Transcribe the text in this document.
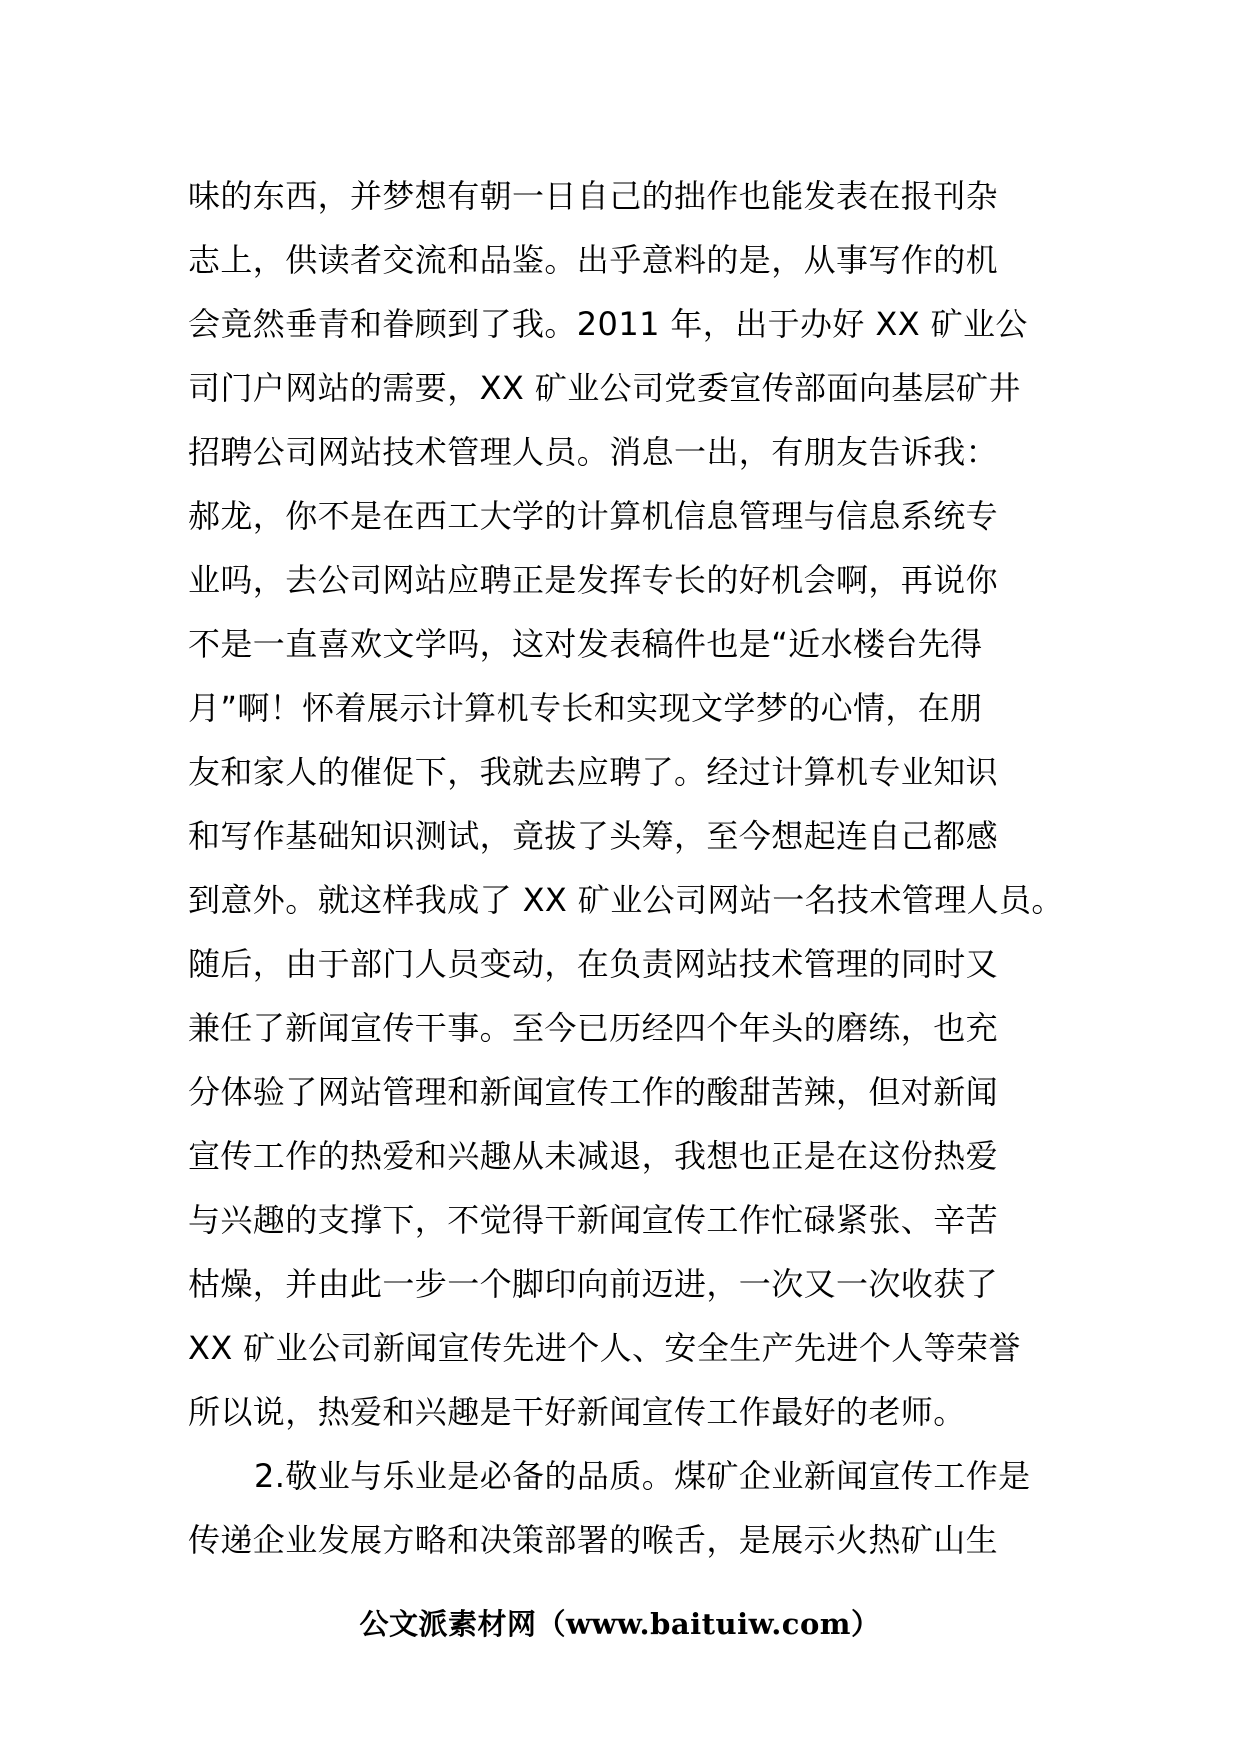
味的东西，并梦想有朝一日自己的拙作也能发表在报刊杂
志上，供读者交流和品鉴。出乎意料的是，从事写作的机
会竟然垂青和眷顾到了我。2011 年，出于办好 XX 矿业公
司门户网站的需要，XX 矿业公司党委宣传部面向基层矿井
招聘公司网站技术管理人员。消息一出，有朋友告诉我：
郝龙，你不是在西工大学的计算机信息管理与信息系统专
业吗，去公司网站应聘正是发挥专长的好机会啊，再说你
不是一直喜欢文学吗，这对发表稿件也是“近水楼台先得
月”啊！怀着展示计算机专长和实现文学梦的心情，在朋
友和家人的催促下，我就去应聘了。经过计算机专业知识
和写作基础知识测试，竟拔了头筹，至今想起连自己都感
到意外。就这样我成了 XX 矿业公司网站一名技术管理人员。
随后，由于部门人员变动，在负责网站技术管理的同时又
兼任了新闻宣传干事。至今已历经四个年头的磨练，也充
分体验了网站管理和新闻宣传工作的酸甜苦辣，但对新闻
宣传工作的热爱和兴趣从未减退，我想也正是在这份热爱
与兴趣的支撑下，不觉得干新闻宣传工作忙碌紧张、辛苦
枯燥，并由此一步一个脚印向前迈进，一次又一次收获了
XX 矿业公司新闻宣传先进个人、安全生产先进个人等荣誉
所以说，热爱和兴趣是干好新闻宣传工作最好的老师。
2.敬业与乐业是必备的品质。煤矿企业新闻宣传工作是
传递企业发展方略和决策部署的喉舌，是展示火热矿山生
公文派素材网（www.baituiw.com）
